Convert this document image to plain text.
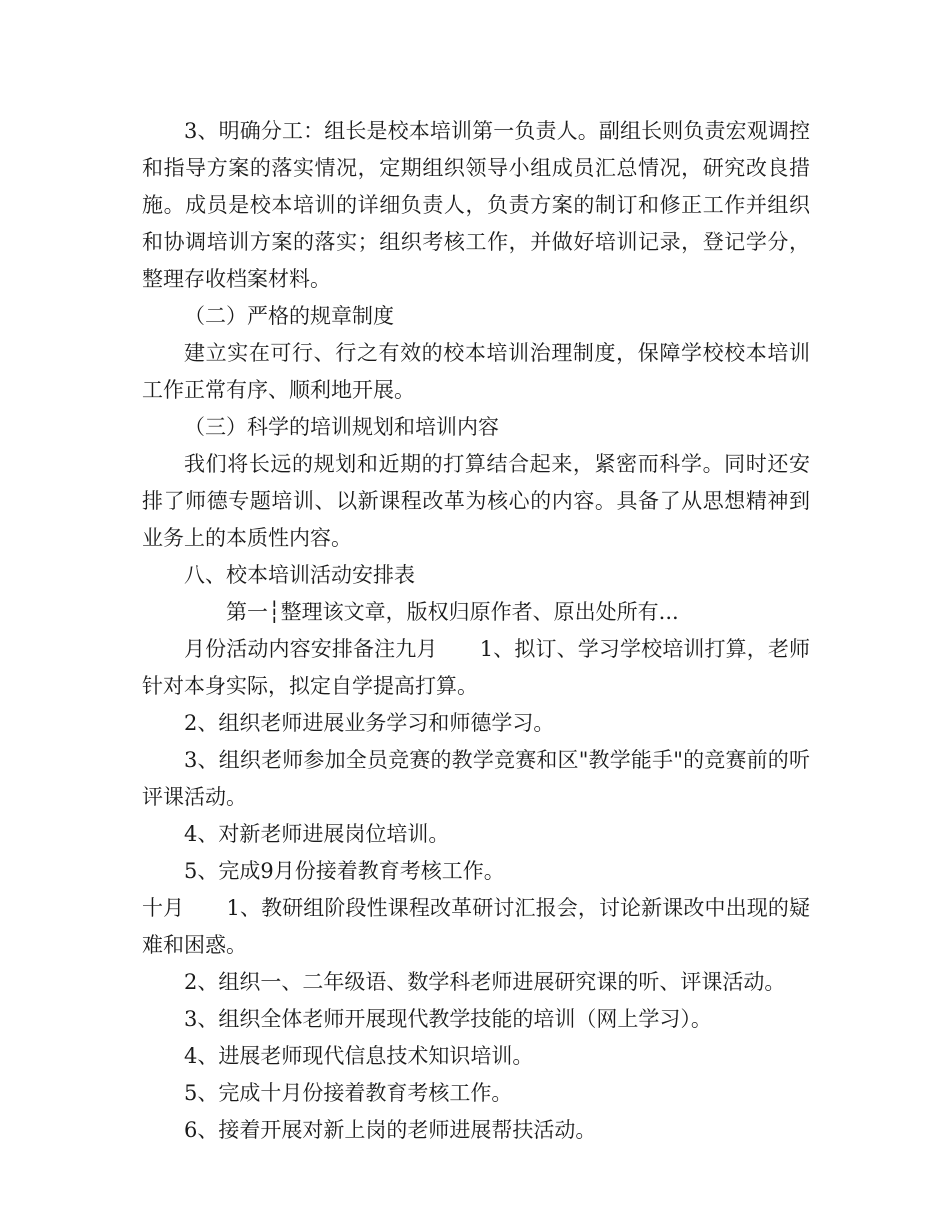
3、明确分工：组长是校本培训第一负责人。副组长则负责宏观调控和指导方案的落实情况，定期组织领导小组成员汇总情况，研究改良措施。成员是校本培训的详细负责人，负责方案的制订和修正工作并组织和协调培训方案的落实；组织考核工作，并做好培训记录，登记学分，整理存收档案材料。

（二）严格的规章制度

建立实在可行、行之有效的校本培训治理制度，保障学校校本培训工作正常有序、顺利地开展。

（三）科学的培训规划和培训内容

我们将长远的规划和近期的打算结合起来，紧密而科学。同时还安排了师德专题培训、以新课程改革为核心的内容。具备了从思想精神到业务上的本质性内容。

八、校本培训活动安排表

第一┆整理该文章，版权归原作者、原出处所有...

月份活动内容安排备注九月　　1、拟订、学习学校培训打算，老师针对本身实际，拟定自学提高打算。

2、组织老师进展业务学习和师德学习。

3、组织老师参加全员竞赛的教学竞赛和区"教学能手"的竞赛前的听评课活动。

4、对新老师进展岗位培训。

5、完成9月份接着教育考核工作。

十月　　1、教研组阶段性课程改革研讨汇报会，讨论新课改中出现的疑难和困惑。

2、组织一、二年级语、数学科老师进展研究课的听、评课活动。

3、组织全体老师开展现代教学技能的培训（网上学习）。

4、进展老师现代信息技术知识培训。

5、完成十月份接着教育考核工作。

6、接着开展对新上岗的老师进展帮扶活动。
